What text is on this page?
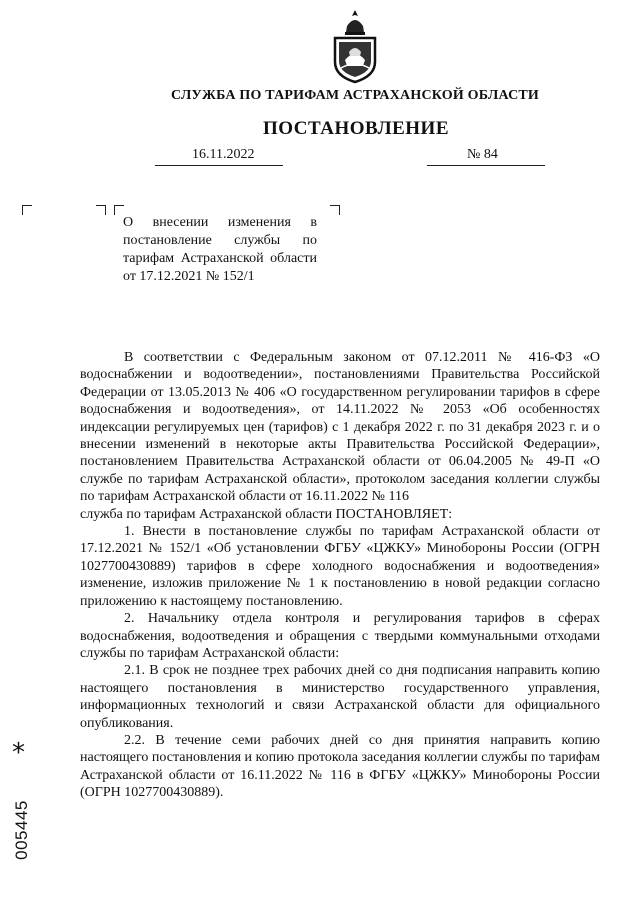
СЛУЖБА ПО ТАРИФАМ АСТРАХАНСКОЙ ОБЛАСТИ
ПОСТАНОВЛЕНИЕ
16.11.2022	№ 84
О внесении изменения в постановление службы по тарифам Астраханской области от 17.12.2021 № 152/1

В соответствии с Федеральным законом от 07.12.2011 № 416-ФЗ «О водоснабжении и водоотведении», постановлениями Правительства Российской Федерации от 13.05.2013 № 406 «О государственном регулировании тарифов в сфере водоснабжения и водоотведения», от 14.11.2022 № 2053 «Об особенностях индексации регулируемых цен (тарифов) с 1 декабря 2022 г. по 31 декабря 2023 г. и о внесении изменений в некоторые акты Правительства Российской Федерации», постановлением Правительства Астраханской области от 06.04.2005 № 49-П «О службе по тарифам Астраханской области», протоколом заседания коллегии службы по тарифам Астраханской области от 16.11.2022 № 116

служба по тарифам Астраханской области ПОСТАНОВЛЯЕТ:

1. Внести в постановление службы по тарифам Астраханской области от 17.12.2021 № 152/1 «Об установлении ФГБУ «ЦЖКУ» Минобороны России (ОГРН 1027700430889) тарифов в сфере холодного водоснабжения и водоотведения» изменение, изложив приложение № 1 к постановлению в новой редакции согласно приложению к настоящему постановлению.

2. Начальнику отдела контроля и регулирования тарифов в сферах водоснабжения, водоотведения и обращения с твердыми коммунальными отходами службы по тарифам Астраханской области:

2.1. В срок не позднее трех рабочих дней со дня подписания направить копию настоящего постановления в министерство государственного управления, информационных технологий и связи Астраханской области для официального опубликования.

2.2. В течение семи рабочих дней со дня принятия направить копию настоящего постановления и копию протокола заседания коллегии службы по тарифам Астраханской области от 16.11.2022 № 116 в ФГБУ «ЦЖКУ» Минобороны России (ОГРН 1027700430889).

*
005445
